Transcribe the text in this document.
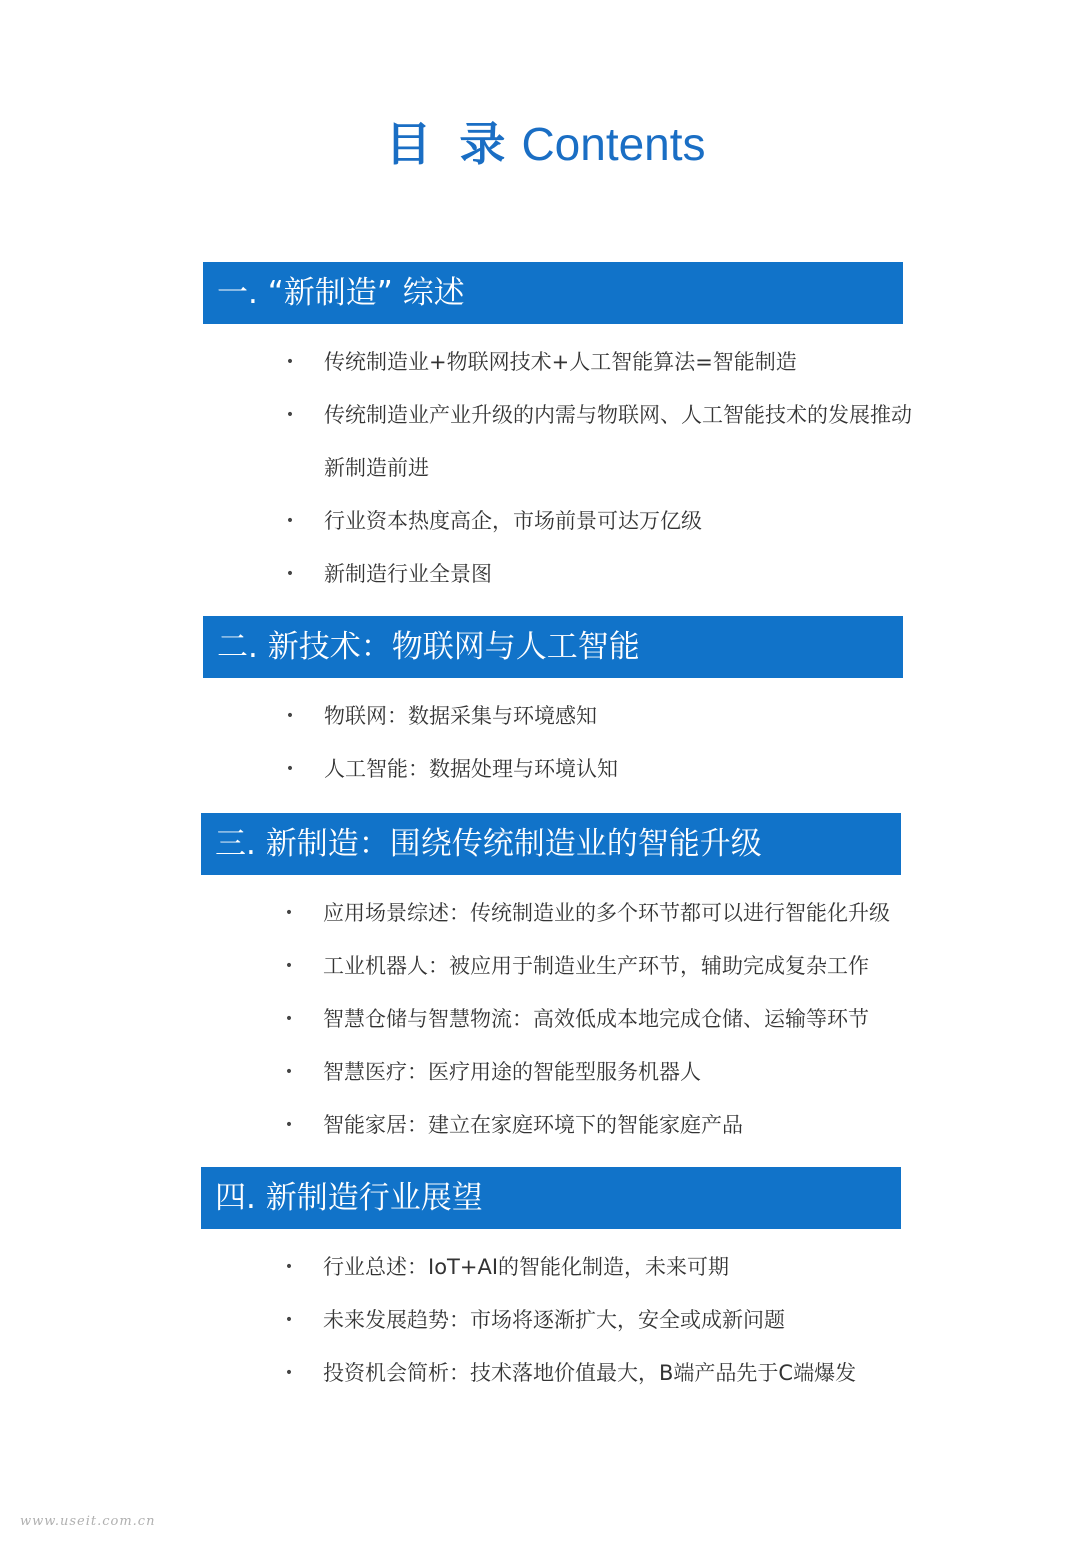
目 录 Contents
一. “新制造” 综述
• 传统制造业+物联网技术+人工智能算法=智能制造
• 传统制造业产业升级的内需与物联网、人工智能技术的发展推动
新制造前进
• 行业资本热度高企，市场前景可达万亿级
• 新制造行业全景图
二. 新技术：物联网与人工智能
• 物联网：数据采集与环境感知
• 人工智能：数据处理与环境认知
三. 新制造：围绕传统制造业的智能升级
• 应用场景综述：传统制造业的多个环节都可以进行智能化升级
• 工业机器人：被应用于制造业生产环节，辅助完成复杂工作
• 智慧仓储与智慧物流：高效低成本地完成仓储、运输等环节
• 智慧医疗：医疗用途的智能型服务机器人
• 智能家居：建立在家庭环境下的智能家庭产品
四. 新制造行业展望
• 行业总述：IoT+AI的智能化制造，未来可期
• 未来发展趋势：市场将逐渐扩大，安全或成新问题
• 投资机会简析：技术落地价值最大，B端产品先于C端爆发
www.useit.com.cn
